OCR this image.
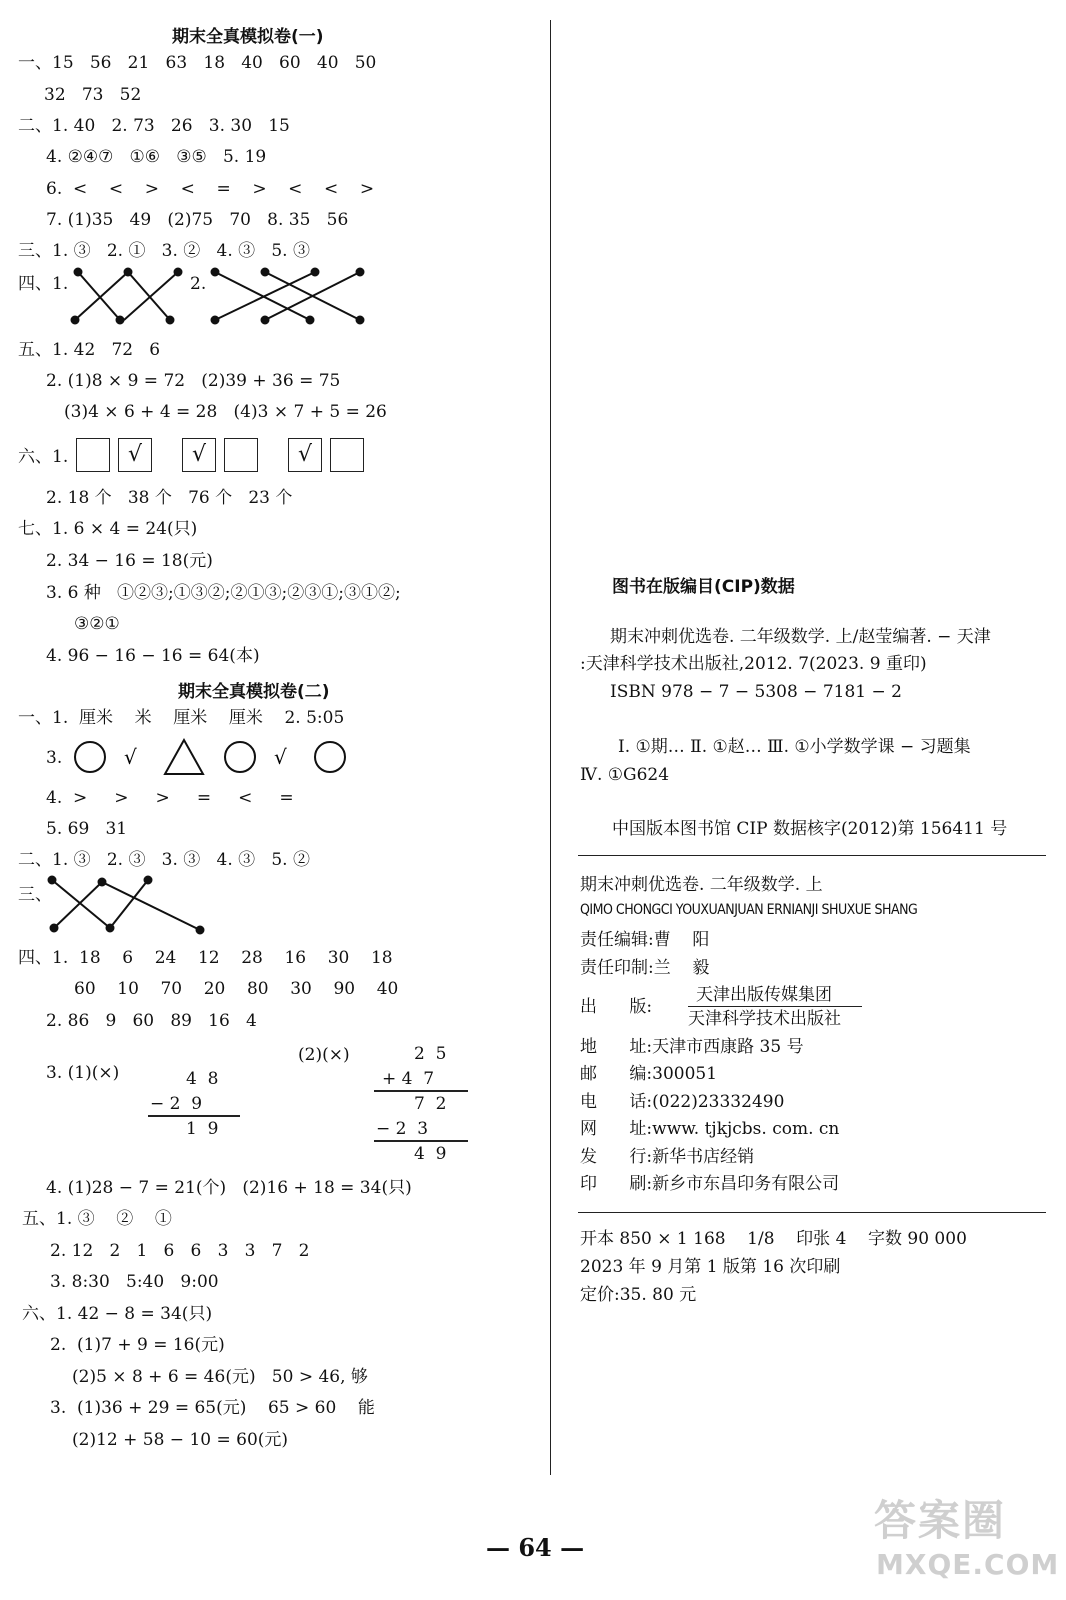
期末全真模拟卷(一)
一、15   56   21   63   18   40   60   40   50
32   73   52
二、1. 40   2. 73   26   3. 30   15
4. ②④⑦   ①⑥   ③⑤   5. 19
6.  <    <    >    <    =    >    <    <    >
7. (1)35   49   (2)75   70   8. 35   56
三、1. ③   2. ①   3. ②   4. ③   5. ③
四、1.	2.
五、1. 42   72   6
2. (1)8 × 9 = 72   (2)39 + 36 = 75
(3)4 × 6 + 4 = 28   (4)3 × 7 + 5 = 26
六、1.	√	√	√
2. 18 个   38 个   76 个   23 个
七、1. 6 × 4 = 24(只)
2. 34 − 16 = 18(元)
3. 6 种   ①②③;①③②;②①③;②③①;③①②;
③②①
4. 96 − 16 − 16 = 64(本)
期末全真模拟卷(二)
一、1.  厘米    米    厘米    厘米    2. 5:05
3.	√	√
4.  >     >     >     =     <     =
5. 69   31
二、1. ③   2. ③   3. ③   4. ③   5. ②
三、
四、1.  18    6    24    12    28    16    30    18
60    10    70    20    80    30    90    40
2. 86   9   60   89   16   4
3. (1)(×)
(2)(×)
4  8
− 2  9
1  9
2  5
+ 4  7
7  2
− 2  3
4  9
4. (1)28 − 7 = 21(个)   (2)16 + 18 = 34(只)
五、1. ③    ②    ①
2. 12   2   1   6   6   3   3   7   2
3. 8:30   5:40   9:00
六、1. 42 − 8 = 34(只)
2.  (1)7 + 9 = 16(元)
(2)5 × 8 + 6 = 46(元)   50 > 46, 够
3.  (1)36 + 29 = 65(元)    65 > 60    能
(2)12 + 58 − 10 = 60(元)
图书在版编目(CIP)数据
期末冲刺优选卷. 二年级数学. 上/赵莹编著. − 天津
:天津科学技术出版社,2012. 7(2023. 9 重印)
ISBN 978 − 7 − 5308 − 7181 − 2
Ⅰ. ①期… Ⅱ. ①赵… Ⅲ. ①小学数学课 − 习题集
Ⅳ. ①G624
中国版本图书馆 CIP 数据核字(2012)第 156411 号
期末冲刺优选卷. 二年级数学. 上
QIMO CHONGCI YOUXUANJUAN ERNIANJI SHUXUE SHANG
责任编辑:曹    阳
责任印制:兰    毅
出      版:
天津出版传媒集团
天津科学技术出版社
地      址:天津市西康路 35 号
邮      编:300051
电      话:(022)23332490
网      址:www. tjkjcbs. com. cn
发      行:新华书店经销
印      刷:新乡市东昌印务有限公司
开本 850 × 1 168    1/8    印张 4    字数 90 000
2023 年 9 月第 1 版第 16 次印刷
定价:35. 80 元
— 64 —
答案圈
MXQE.COM
